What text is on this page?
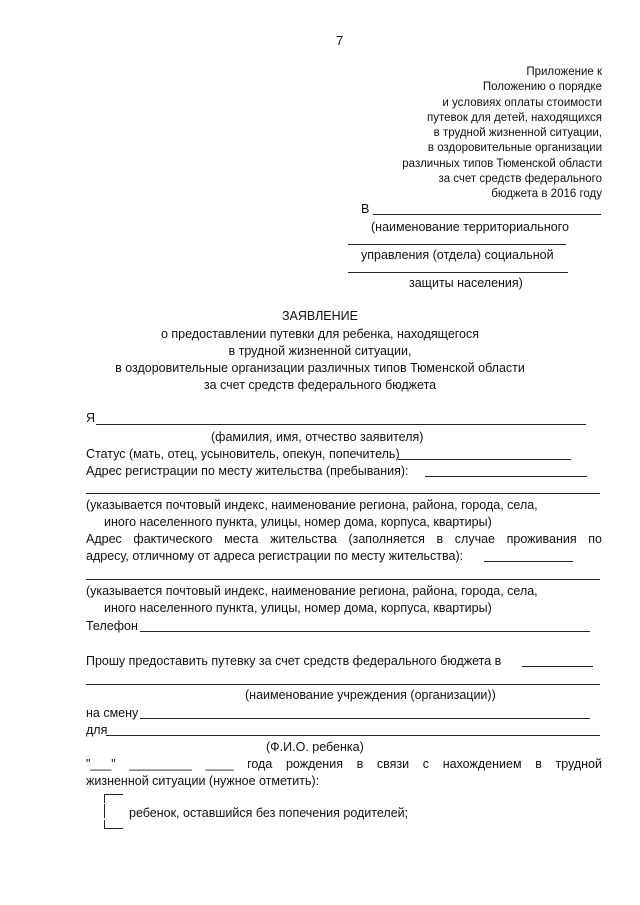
7
Приложение к
Положению о порядке
и условиях оплаты стоимости
путевок для детей, находящихся
в трудной жизненной ситуации,
в оздоровительные организации
различных типов Тюменской области
за счет средств федерального
бюджета в 2016 году
В
(наименование территориального
управления (отдела) социальной
защиты населения)
ЗАЯВЛЕНИЕ
о предоставлении путевки для ребенка, находящегося
в трудной жизненной ситуации,
в оздоровительные организации различных типов Тюменской области
за счет средств федерального бюджета
Я
(фамилия, имя, отчество заявителя)
Статус (мать, отец, усыновитель, опекун, попечитель)
Адрес регистрации по месту жительства (пребывания):
(указывается почтовый индекс, наименование региона, района, города, села,
иного населенного пункта, улицы, номер дома, корпуса, квартиры)
Адрес фактического места жительства (заполняется в случае проживания по
адресу, отличному от адреса регистрации по месту жительства):
(указывается почтовый индекс, наименование региона, района, города, села,
иного населенного пункта, улицы, номер дома, корпуса, квартиры)
Телефон
Прошу предоставить путевку за счет средств федерального бюджета в
(наименование учреждения (организации))
на смену
для
(Ф.И.О. ребенка)
"___" _________ ____ года рождения в связи с нахождением в трудной
жизненной ситуации (нужное отметить):
ребенок, оставшийся без попечения родителей;
